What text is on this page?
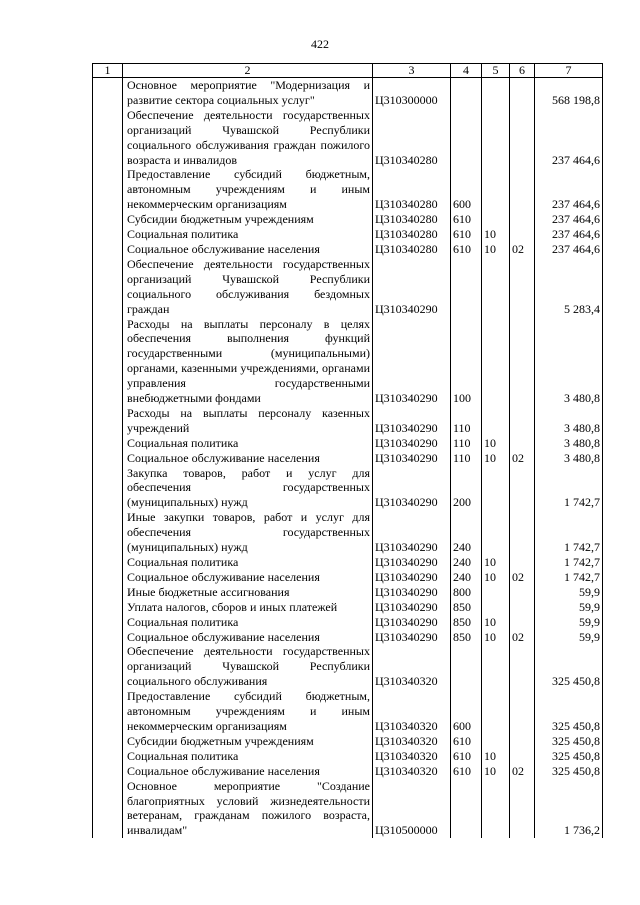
422
1	2	3	4	5	6	7
	Основное мероприятие "Модернизация и развитие сектора социальных услуг"	Ц310300000				568 198,8
	Обеспечение деятельности государственных организаций Чувашской Республики социального обслуживания граждан пожилого возраста и инвалидов	Ц310340280				237 464,6
	Предоставление субсидий бюджетным, автономным учреждениям и иным некоммерческим организациям	Ц310340280	600			237 464,6
	Субсидии бюджетным учреждениям	Ц310340280	610			237 464,6
	Социальная политика	Ц310340280	610	10		237 464,6
	Социальное обслуживание населения	Ц310340280	610	10	02	237 464,6
	Обеспечение деятельности государственных организаций Чувашской Республики социального обслуживания бездомных граждан	Ц310340290				5 283,4
	Расходы на выплаты персоналу в целях обеспечения выполнения функций государственными (муниципальными) органами, казенными учреждениями, органами управления государственными внебюджетными фондами	Ц310340290	100			3 480,8
	Расходы на выплаты персоналу казенных учреждений	Ц310340290	110			3 480,8
	Социальная политика	Ц310340290	110	10		3 480,8
	Социальное обслуживание населения	Ц310340290	110	10	02	3 480,8
	Закупка товаров, работ и услуг для обеспечения государственных (муниципальных) нужд	Ц310340290	200			1 742,7
	Иные закупки товаров, работ и услуг для обеспечения государственных (муниципальных) нужд	Ц310340290	240			1 742,7
	Социальная политика	Ц310340290	240	10		1 742,7
	Социальное обслуживание населения	Ц310340290	240	10	02	1 742,7
	Иные бюджетные ассигнования	Ц310340290	800			59,9
	Уплата налогов, сборов и иных платежей	Ц310340290	850			59,9
	Социальная политика	Ц310340290	850	10		59,9
	Социальное обслуживание населения	Ц310340290	850	10	02	59,9
	Обеспечение деятельности государственных организаций Чувашской Республики социального обслуживания	Ц310340320				325 450,8
	Предоставление субсидий бюджетным, автономным учреждениям и иным некоммерческим организациям	Ц310340320	600			325 450,8
	Субсидии бюджетным учреждениям	Ц310340320	610			325 450,8
	Социальная политика	Ц310340320	610	10		325 450,8
	Социальное обслуживание населения	Ц310340320	610	10	02	325 450,8
	Основное мероприятие "Создание благоприятных условий жизнедеятельности ветеранам, гражданам пожилого возраста, инвалидам"	Ц310500000				1 736,2
